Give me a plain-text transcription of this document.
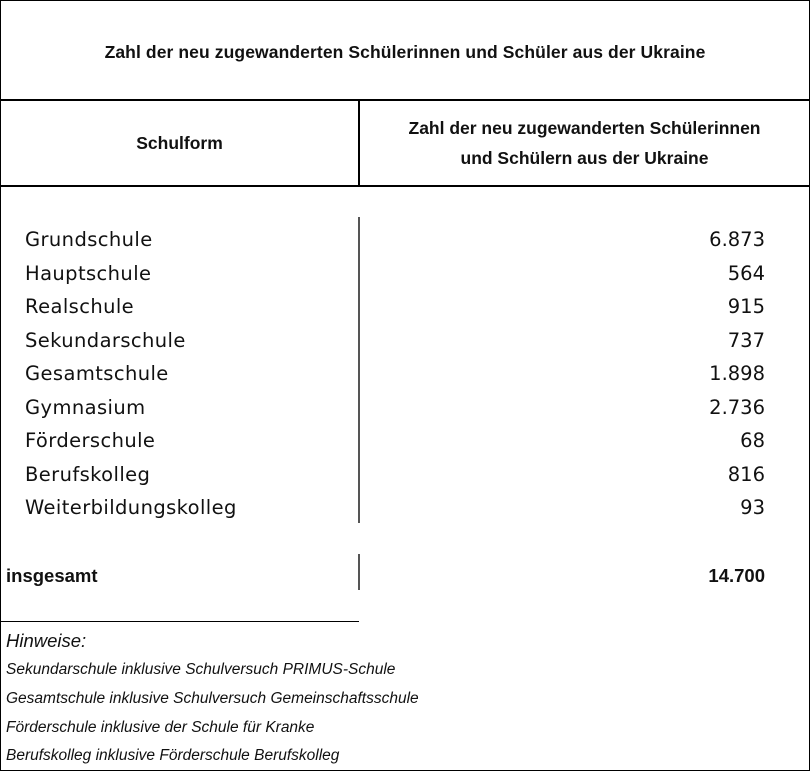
Zahl der neu zugewanderten Schülerinnen und Schüler aus der Ukraine
Schulform
Zahl der neu zugewanderten Schülerinnen
und Schülern aus der Ukraine
Grundschule	6.873
Hauptschule	564
Realschule	915
Sekundarschule	737
Gesamtschule	1.898
Gymnasium	2.736
Förderschule	68
Berufskolleg	816
Weiterbildungskolleg	93
insgesamt	14.700
Hinweise:
Sekundarschule inklusive Schulversuch PRIMUS-Schule
Gesamtschule inklusive Schulversuch Gemeinschaftsschule
Förderschule inklusive der Schule für Kranke
Berufskolleg inklusive Förderschule Berufskolleg
